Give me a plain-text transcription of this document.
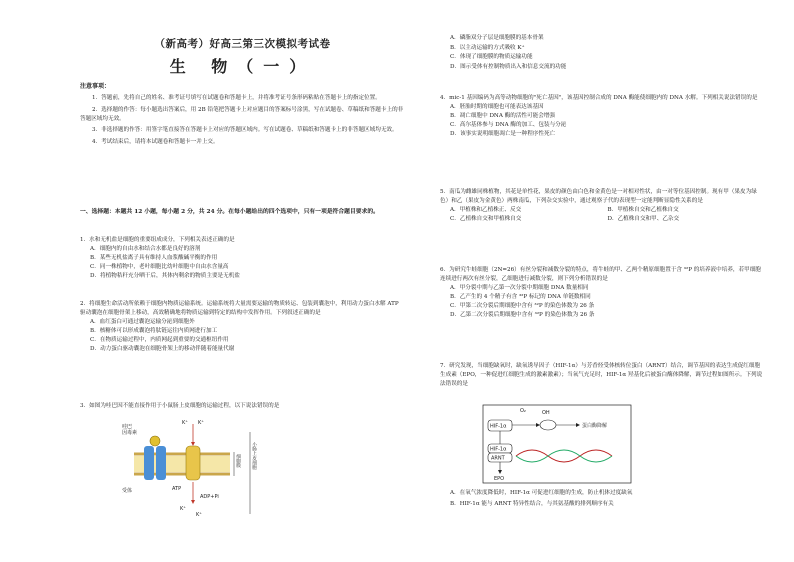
（新高考）好高三第三次模拟考试卷
生 物（一）
注意事项：
1．答题前，先将自己的姓名、准考证号填写在试题卷和答题卡上，并将准考证号条形码粘贴在答题卡上的指定位置。
2．选择题的作答：每小题选出答案后，用 2B 铅笔把答题卡上对应题目的答案标号涂黑，写在试题卷、草稿纸和答题卡上的非答题区域均无效。
3．非选择题的作答：用签字笔直接答在答题卡上对应的答题区域内。写在试题卷、草稿纸和答题卡上的非答题区域均无效。
4．考试结束后，请将本试题卷和答题卡一并上交。
一、选择题：本题共 12 小题，每小题 2 分，共 24 分。在每小题给出的四个选项中，只有一项是符合题目要求的。
1．水和无机盐是细胞的重要组成成分，下列相关表述正确的是
A．细胞内的自由水和结合水都是良好的溶剂
B．某些无机盐离子具有维持人血浆酸碱平衡的作用
C．同一株植物中，老叶细胞比幼叶细胞中自由水含量高
D．将植物秸秆充分晒干后，其体内剩余的物质主要是无机盐
2．将细胞生命活动所依赖于细胞内物质运输系统。运输系统将大量需要运输的物质转运、包装到囊泡中，利用动力蛋白水解 ATP 驱动囊泡在细胞骨架上移动，高效精确地将物质运输到特定的结构中发挥作用。下列叙述正确的是
A．血红蛋白可通过囊泡运输分泌到细胞外
B．核糖体可以形成囊泡将肽链运往内质网进行加工
C．在物质运输过程中，内质网起到重要的交通枢纽作用
D．动力蛋白驱动囊泡在细胞骨架上的移动伴随着能量代谢
3．如图为哇巴因不能直接作用于小鼠肠上皮细胞的运输过程，以下说法错误的是
哇巴因毒素
受体	ATP
ADP+Pi
K⁺
K⁺
K⁺
K⁺
细胞膜 小肠上皮细胞
A．磷脂双分子层是细胞膜的基本骨架
B．以主动运输的方式吸收 K⁺
C．体现了细胞膜的物质运输功能
D．图示受体有控制物质出入和信息交流的功能
4．mic-1 基因编码为高等动物细胞的"死亡基因"，该基因控制合成的 DNA 酶能使细胞内的 DNA 水解。下列相关说法错误的是
A．胚胎时期的细胞也可能表达该基因
B．凋亡细胞中 DNA 酶的活性可能会增强
C．高尔基体参与 DNA 酶的加工、包装与分泌
D．该事实说明细胞凋亡是一种程序性死亡
5．南瓜为雌雄同株植物，其花是单性花，果皮的颜色由白色和金黄色是一对相对性状，由一对等位基因控制。现有甲（果皮为绿色）和乙（果皮为金黄色）两株南瓜，下列杂交实验中，通过观察子代的表现型一定能判断显隐性关系的是
A．甲植株和乙植株正、反交	B．甲植株自交和乙植株自交
C．乙植株自交和甲植株自交	D．乙植株自交和甲、乙杂交
6．为研究牛蛙细胞（2N=26）有丝分裂和减数分裂的特点，将牛蛙的甲、乙两个精原细胞置于含 ³²P 的培养液中培养，若甲细胞连续进行两次有丝分裂，乙细胞进行减数分裂，则下列分析错误的是
A．甲分裂中期与乙第一次分裂中期细胞 DNA 数量相同
B．乙产生的 4 个精子有含 ³²P 标记的 DNA 单链数相同
C．甲第二次分裂后期细胞中含有 ³²P 的染色体数为 26 条
D．乙第二次分裂后期细胞中含有 ³²P 的染色体数为 26 条
7．研究发现，当细胞缺氧时，缺氧诱导因子（HIF-1α）与芳香烃受体核转位蛋白（ARNT）结合，调节基因的表达生成促红细胞生成素（EPO，一种促进红细胞生成的激素激素）；当氧气充足时，HIF-1α 羟基化后被蛋白酶体降解，调节过程如图所示。下列说法错误的是
HIF-1α
O₂	OH
蛋白酶降解
HIF-1α
ARNT
EPO
A．在氧气浓度降低时，HIF-1α 可促进红细胞的生成，防止机体过度缺氧
B．HIF-1α 能与 ARNT 特异性结合，与其氨基酸的排列顺序有关
